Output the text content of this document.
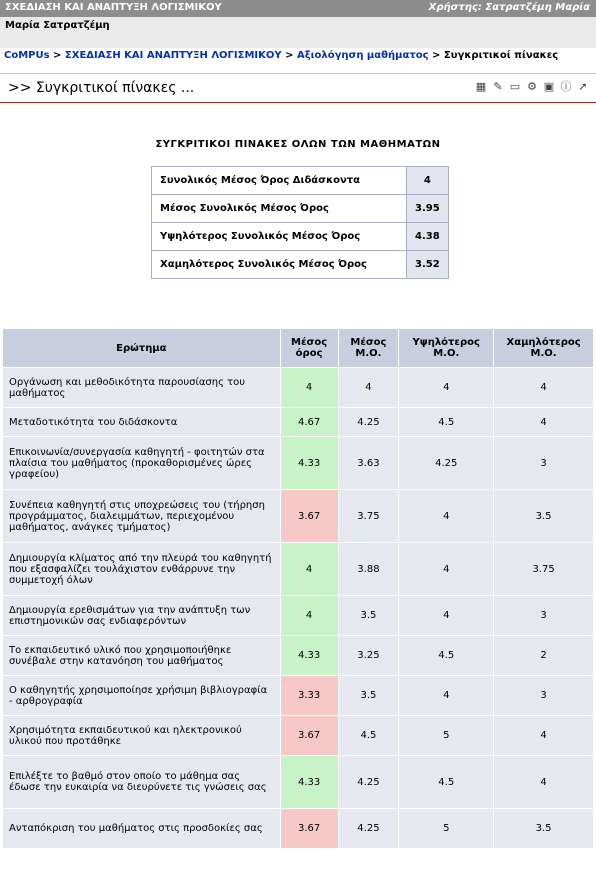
ΣΧΕΔΙΑΣΗ ΚΑΙ ΑΝΑΠΤΥΞΗ ΛΟΓΙΣΜΙΚΟΥ	Χρήστης: Σατρατζέμη Μαρία
Μαρία Σατρατζέμη
CoMPUs > ΣΧΕΔΙΑΣΗ ΚΑΙ ΑΝΑΠΤΥΞΗ ΛΟΓΙΣΜΙΚΟΥ > Αξιολόγηση μαθήματος > Συγκριτικοί πίνακες
>> Συγκριτικοί πίνακες ...	▦ ✎ ▭ ⚙ ▣ ⓘ ➚
ΣΥΓΚΡΙΤΙΚΟΙ ΠΙΝΑΚΕΣ ΟΛΩΝ ΤΩΝ ΜΑΘΗΜΑΤΩΝ
Συνολικός Μέσος Όρος Διδάσκοντα	4
Μέσος Συνολικός Μέσος Όρος	3.95
Υψηλότερος Συνολικός Μέσος Όρος	4.38
Χαμηλότερος Συνολικός Μέσος Όρος	3.52
Ερώτημα	Μέσος όρος	Μέσος Μ.Ο.	Υψηλότερος Μ.Ο.	Χαμηλότερος Μ.Ο.
Οργάνωση και μεθοδικότητα παρουσίασης του μαθήματος	4	4	4	4
Μεταδοτικότητα του διδάσκοντα	4.67	4.25	4.5	4
Επικοινωνία/συνεργασία καθηγητή - φοιτητών στα πλαίσια του μαθήματος (προκαθορισμένες ώρες γραφείου)	4.33	3.63	4.25	3
Συνέπεια καθηγητή στις υποχρεώσεις του (τήρηση προγράμματος, διαλειμμάτων, περιεχομένου μαθήματος, ανάγκες τμήματος)	3.67	3.75	4	3.5
Δημιουργία κλίματος από την πλευρά του καθηγητή που εξασφαλίζει τουλάχιστον ενθάρρυνε την συμμετοχή όλων	4	3.88	4	3.75
Δημιουργία ερεθισμάτων για την ανάπτυξη των επιστημονικών σας ενδιαφερόντων	4	3.5	4	3
Το εκπαιδευτικό υλικό που χρησιμοποιήθηκε συνέβαλε στην κατανόηση του μαθήματος	4.33	3.25	4.5	2
Ο καθηγητής χρησιμοποίησε χρήσιμη βιβλιογραφία - αρθρογραφία	3.33	3.5	4	3
Χρησιμότητα εκπαιδευτικού και ηλεκτρονικού υλικού που προτάθηκε	3.67	4.5	5	4
Επιλέξτε το βαθμό στον οποίο το μάθημα σας έδωσε την ευκαιρία να διευρύνετε τις γνώσεις σας	4.33	4.25	4.5	4
Ανταπόκριση του μαθήματος στις προσδοκίες σας	3.67	4.25	5	3.5
